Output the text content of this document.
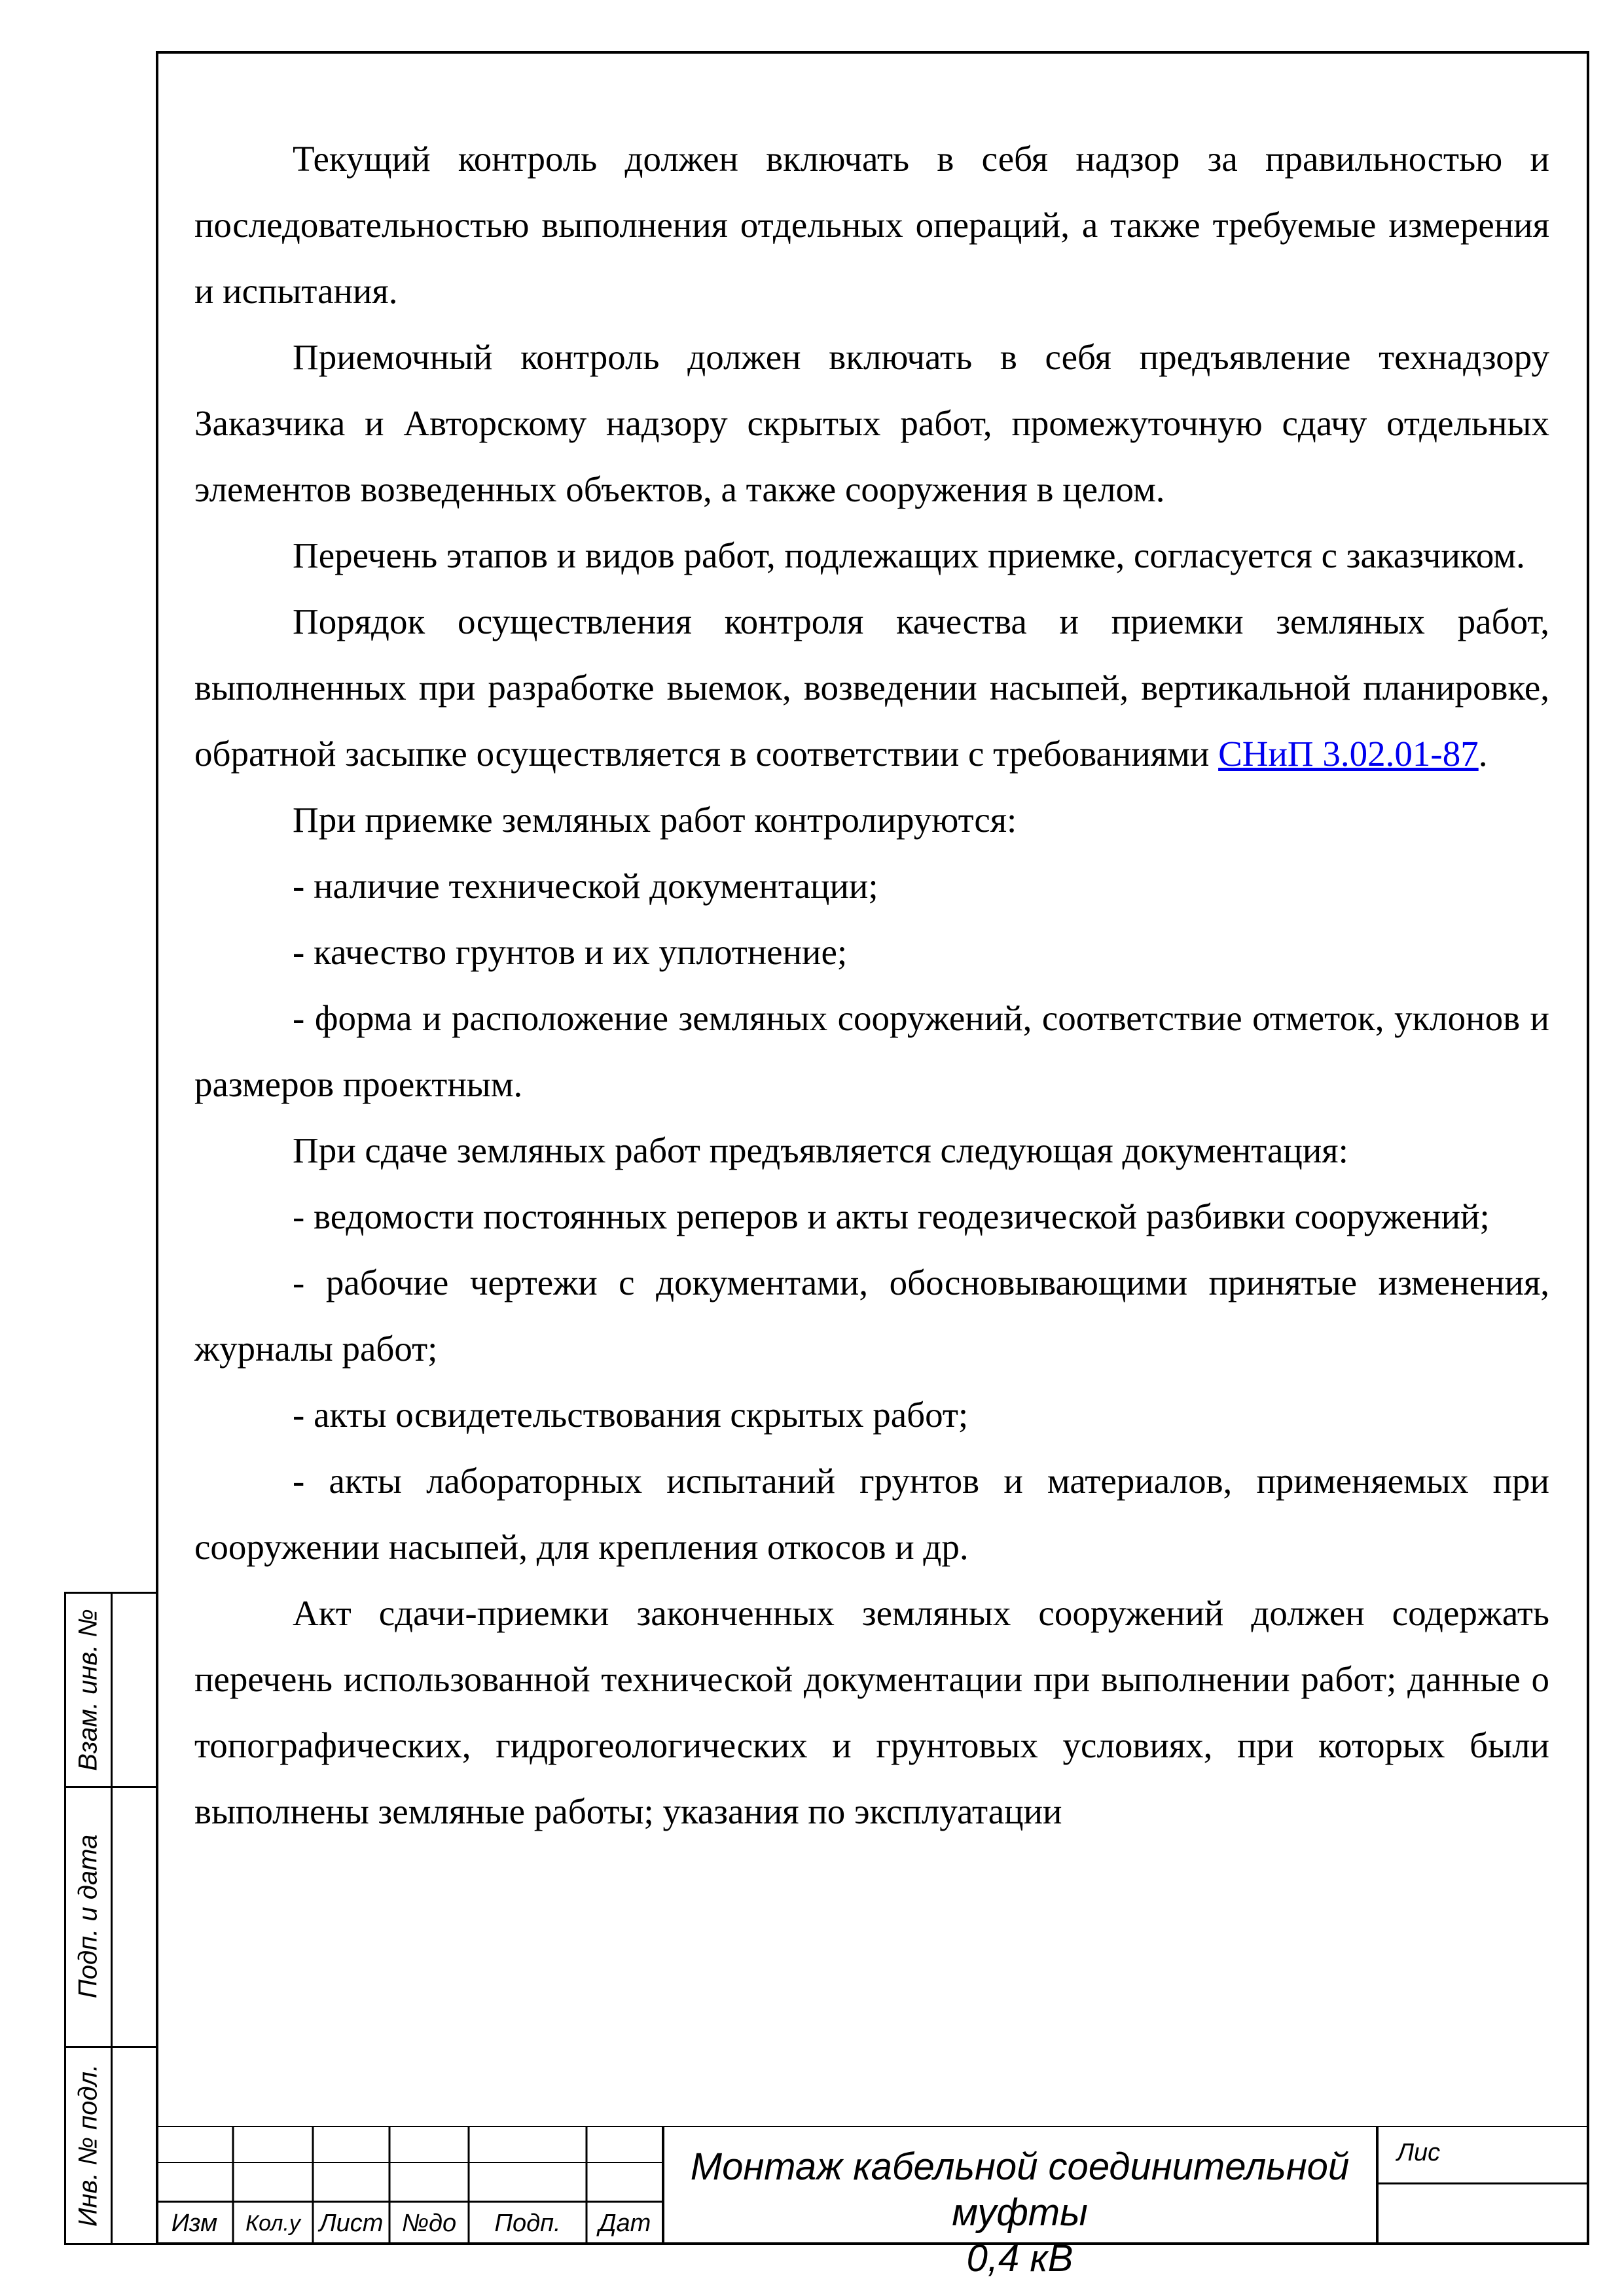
Текущий контроль должен включать в себя надзор за правильностью и последовательностью выполнения отдельных операций, а также требуемые измерения и испытания.

Приемочный контроль должен включать в себя предъявление технадзору Заказчика и Авторскому надзору скрытых работ, промежуточную сдачу отдельных элементов возведенных объектов, а также сооружения в целом.

Перечень этапов и видов работ, подлежащих приемке, согласуется с заказчиком.

Порядок осуществления контроля качества и приемки земляных работ, выполненных при разработке выемок, возведении насыпей, вертикальной планировке, обратной засыпке осуществляется в соответствии с требованиями СНиП 3.02.01-87.

При приемке земляных работ контролируются:

- наличие технической документации;

- качество грунтов и их уплотнение;

- форма и расположение земляных сооружений, соответствие отметок, уклонов и размеров проектным.

При сдаче земляных работ предъявляется следующая документация:

- ведомости постоянных реперов и акты геодезической разбивки сооружений;

- рабочие чертежи с документами, обосновывающими принятые изменения, журналы работ;

- акты освидетельствования скрытых работ;

- акты лабораторных испытаний грунтов и материалов, применяемых при сооружении насыпей, для крепления откосов и др.

Акт сдачи-приемки законченных земляных сооружений должен содержать перечень использованной технической документации при выполнении работ; данные о топографических, гидрогеологических и грунтовых условиях, при которых были выполнены земляные работы; указания по эксплуатации

Взам. инв. №
Подп. и дата
Инв. № подл.	Изм	Кол.у Лист №до	Подп.	Дат
Монтаж кабельной соединительной муфты
0,4 кВ
Лис
